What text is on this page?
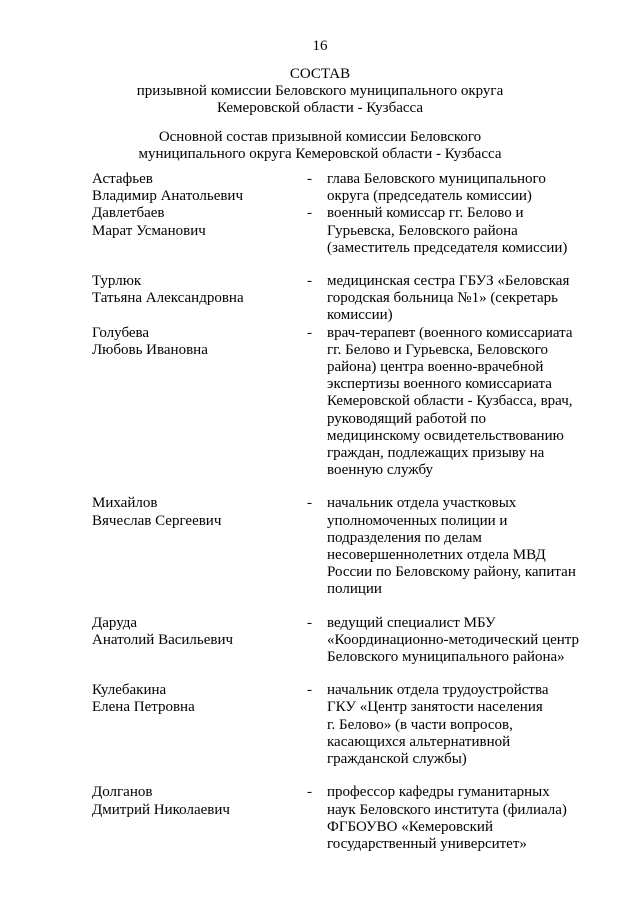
16
СОСТАВ
призывной комиссии Беловского муниципального округа
Кемеровской области - Кузбасса
Основной состав призывной комиссии Беловского
муниципального округа Кемеровской области - Кузбасса
Астафьев
Владимир Анатольевич
- глава Беловского муниципального
округа (председатель комиссии)
Давлетбаев
Марат Усманович
- военный комиссар гг. Белово и
Гурьевска, Беловского района
(заместитель председателя комиссии)
Турлюк
Татьяна Александровна
- медицинская сестра ГБУЗ «Беловская
городская больница №1» (секретарь
комиссии)
Голубева
Любовь Ивановна
- врач-терапевт (военного комиссариата
гг. Белово и Гурьевска, Беловского
района) центра военно-врачебной
экспертизы военного комиссариата
Кемеровской области - Кузбасса, врач,
руководящий работой по
медицинскому освидетельствованию
граждан, подлежащих призыву на
военную службу
Михайлов
Вячеслав Сергеевич
- начальник отдела участковых
уполномоченных полиции и
подразделения по делам
несовершеннолетних отдела МВД
России по Беловскому району, капитан
полиции
Даруда
Анатолий Васильевич
- ведущий специалист МБУ
«Координационно-методический центр
Беловского муниципального района»
Кулебакина
Елена Петровна
- начальник отдела трудоустройства
ГКУ «Центр занятости населения
г. Белово» (в части вопросов,
касающихся альтернативной
гражданской службы)
Долганов
Дмитрий Николаевич
- профессор кафедры гуманитарных
наук Беловского института (филиала)
ФГБОУВО «Кемеровский
государственный университет»
